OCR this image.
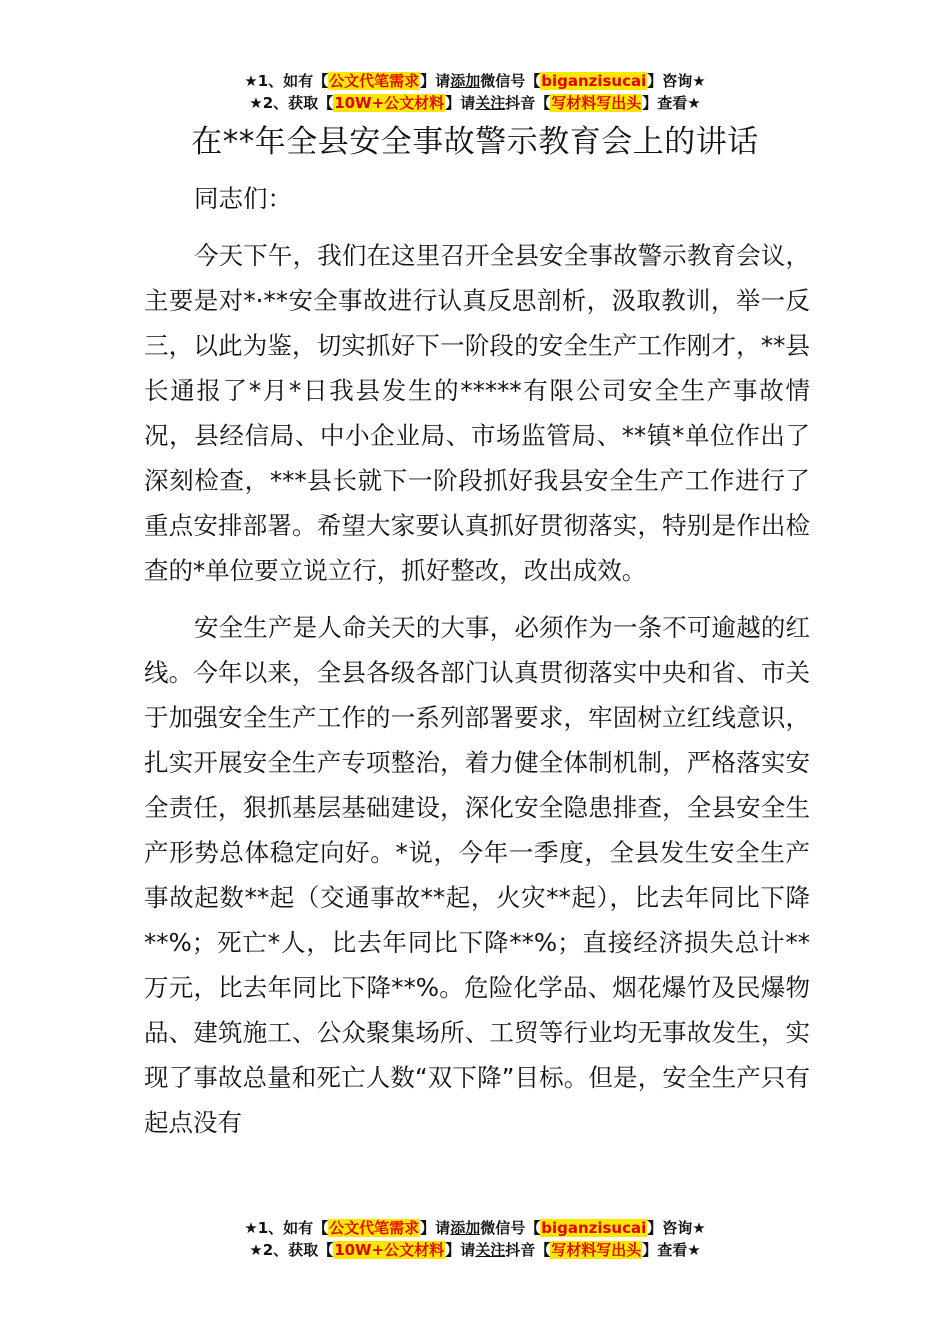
★1、如有【公文代笔需求】请添加微信号【biganzisucai】咨询★
★2、获取【10W+公文材料】请关注抖音【写材料写出头】查看★
在**年全县安全事故警示教育会上的讲话

同志们：

今天下午，我们在这里召开全县安全事故警示教育会议，主要是对*·**安全事故进行认真反思剖析，汲取教训，举一反三，以此为鉴，切实抓好下一阶段的安全生产工作刚才，**县长通报了*月*日我县发生的*****有限公司安全生产事故情况，县经信局、中小企业局、市场监管局、**镇*单位作出了深刻检查，***县长就下一阶段抓好我县安全生产工作进行了重点安排部署。希望大家要认真抓好贯彻落实，特别是作出检查的*单位要立说立行，抓好整改，改出成效。

安全生产是人命关天的大事，必须作为一条不可逾越的红线。今年以来，全县各级各部门认真贯彻落实中央和省、市关于加强安全生产工作的一系列部署要求，牢固树立红线意识，扎实开展安全生产专项整治，着力健全体制机制，严格落实安全责任，狠抓基层基础建设，深化安全隐患排查，全县安全生产形势总体稳定向好。*说，今年一季度，全县发生安全生产事故起数**起（交通事故**起，火灾**起），比去年同比下降**%；死亡*人，比去年同比下降**%；直接经济损失总计**万元，比去年同比下降**%。危险化学品、烟花爆竹及民爆物品、建筑施工、公众聚集场所、工贸等行业均无事故发生，实现了事故总量和死亡人数“双下降”目标。但是，安全生产只有起点没有

★1、如有【公文代笔需求】请添加微信号【biganzisucai】咨询★
★2、获取【10W+公文材料】请关注抖音【写材料写出头】查看★
